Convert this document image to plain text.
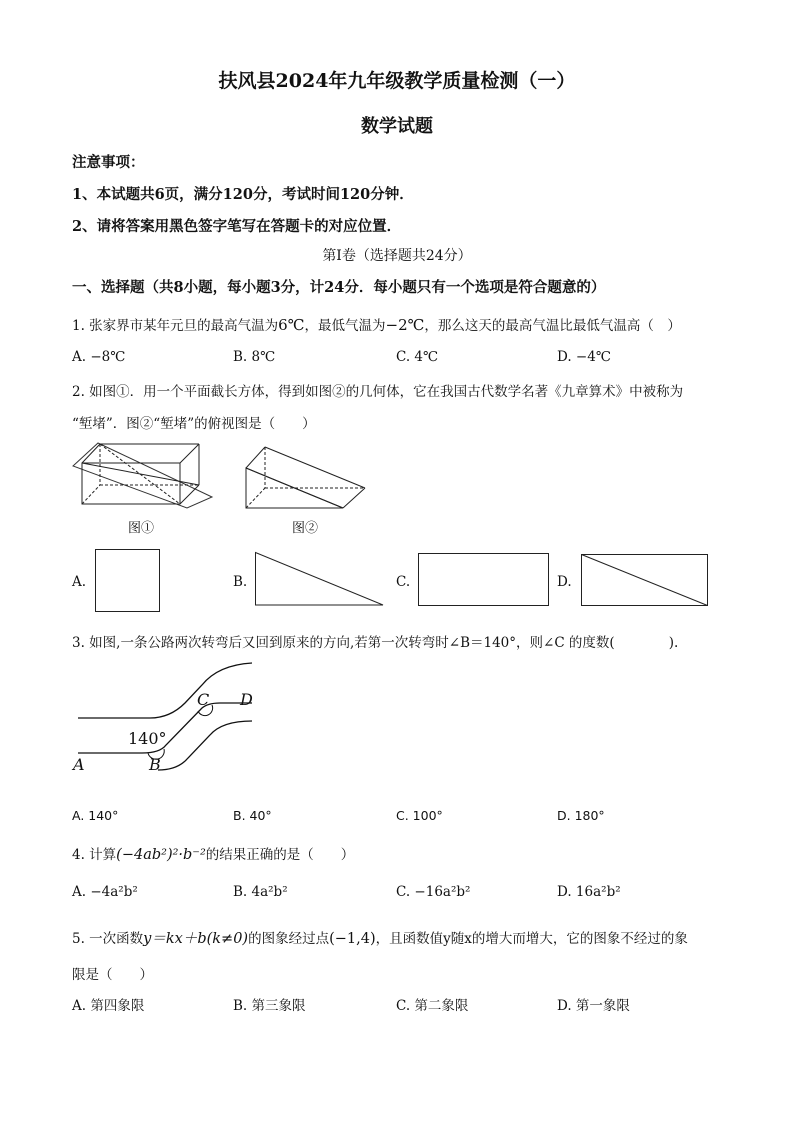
扶风县2024年九年级教学质量检测（一）
数学试题
注意事项：
1、本试题共6页，满分120分，考试时间120分钟．
2、请将答案用黑色签字笔写在答题卡的对应位置．
第Ⅰ卷（选择题共24分）
一、选择题（共8小题，每小题3分，计24分．每小题只有一个选项是符合题意的）
1. 张家界市某年元旦的最高气温为6℃，最低气温为−2℃，那么这天的最高气温比最低气温高（　）
A. −8℃	B. 8℃	C. 4℃	D. −4℃
2. 如图①．用一个平面截长方体，得到如图②的几何体，它在我国古代数学名著《九章算术》中被称为
“堑堵”．图②“堑堵”的俯视图是（　　）
图①	图②
A.	B.	C.	D.
3. 如图,一条公路两次转弯后又回到原来的方向,若第一次转弯时∠B＝140°，则∠C 的度数(　　　　).
140°
A	B
C D
A. 140°	B. 40°	C. 100°	D. 180°
4. 计算(−4ab²)²·b⁻²的结果正确的是（　　）
A. −4a²b²	B. 4a²b²	C. −16a²b²	D. 16a²b²
5. 一次函数y＝kx＋b(k≠0)的图象经过点(−1,4)，且函数值y随x的增大而增大，它的图象不经过的象
限是（　　）
A. 第四象限	B. 第三象限	C. 第二象限	D. 第一象限
